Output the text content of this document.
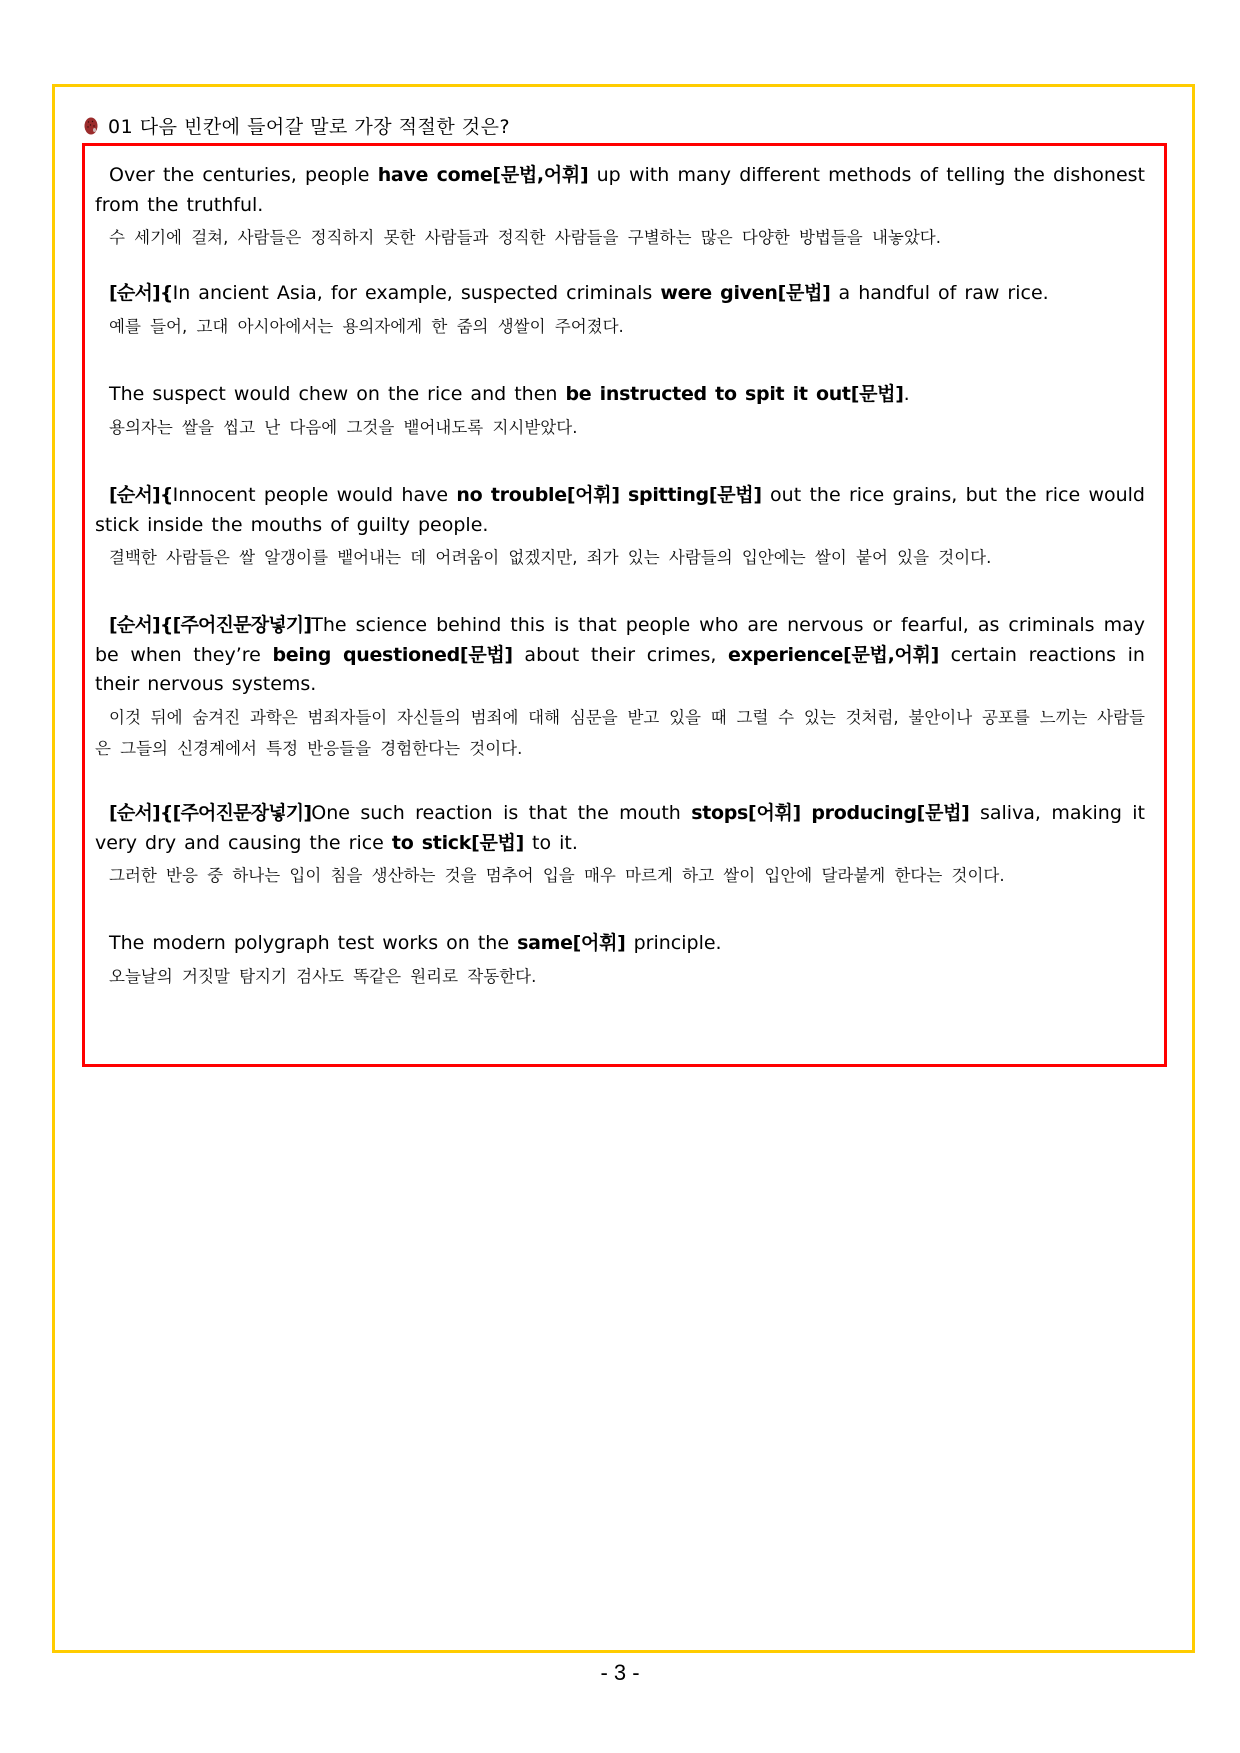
01 다음 빈칸에 들어갈 말로 가장 적절한 것은?
Over the centuries, people have come[문법,어휘] up with many different methods of telling the dishonest from the truthful.
수 세기에 걸쳐, 사람들은 정직하지 못한 사람들과 정직한 사람들을 구별하는 많은 다양한 방법들을 내놓았다.
[순서]{In ancient Asia, for example, suspected criminals were given[문법] a handful of raw rice.
예를 들어, 고대 아시아에서는 용의자에게 한 줌의 생쌀이 주어졌다.
The suspect would chew on the rice and then be instructed to spit it out[문법].
용의자는 쌀을 씹고 난 다음에 그것을 뱉어내도록 지시받았다.
[순서]{Innocent people would have no trouble[어휘] spitting[문법] out the rice grains, but the rice would stick inside the mouths of guilty people.
결백한 사람들은 쌀 알갱이를 뱉어내는 데 어려움이 없겠지만, 죄가 있는 사람들의 입안에는 쌀이 붙어 있을 것이다.
[순서]{[주어진문장넣기]The science behind this is that people who are nervous or fearful, as criminals may be when they’re being questioned[문법] about their crimes, experience[문법,어휘] certain reactions in their nervous systems.
이것 뒤에 숨겨진 과학은 범죄자들이 자신들의 범죄에 대해 심문을 받고 있을 때 그럴 수 있는 것처럼, 불안이나 공포를 느끼는 사람들은 그들의 신경계에서 특정 반응들을 경험한다는 것이다.
[순서]{[주어진문장넣기]One such reaction is that the mouth stops[어휘] producing[문법] saliva, making it very dry and causing the rice to stick[문법] to it.
그러한 반응 중 하나는 입이 침을 생산하는 것을 멈추어 입을 매우 마르게 하고 쌀이 입안에 달라붙게 한다는 것이다.
The modern polygraph test works on the same[어휘] principle.
오늘날의 거짓말 탐지기 검사도 똑같은 원리로 작동한다.
- 3 -
